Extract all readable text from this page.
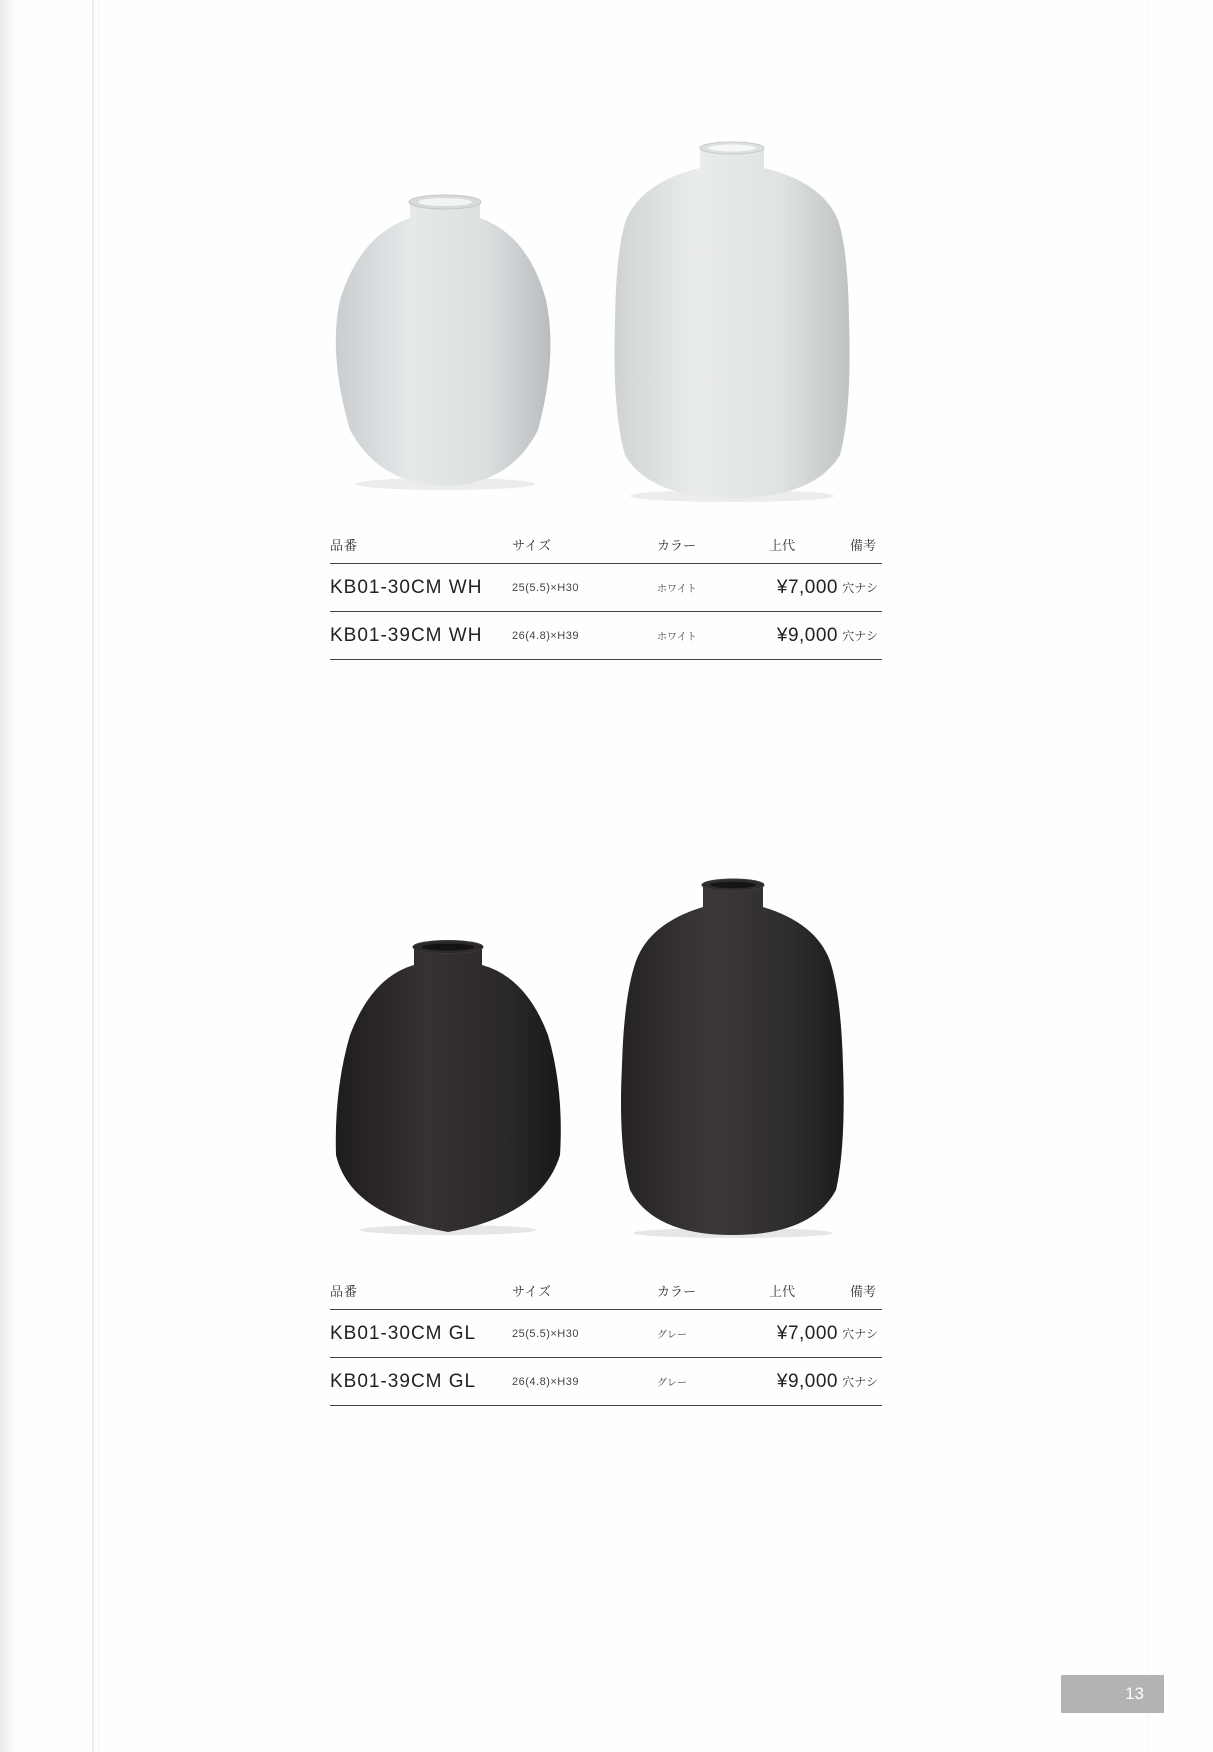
品番	サイズ	カラー	上代	備考
KB01-30CM WH	25(5.5)×H30	ホワイト	¥7,000	穴ナシ
KB01-39CM WH	26(4.8)×H39	ホワイト	¥9,000	穴ナシ
品番	サイズ	カラー	上代	備考
KB01-30CM GL	25(5.5)×H30	グレー	¥7,000	穴ナシ
KB01-39CM GL	26(4.8)×H39	グレー	¥9,000	穴ナシ
13
